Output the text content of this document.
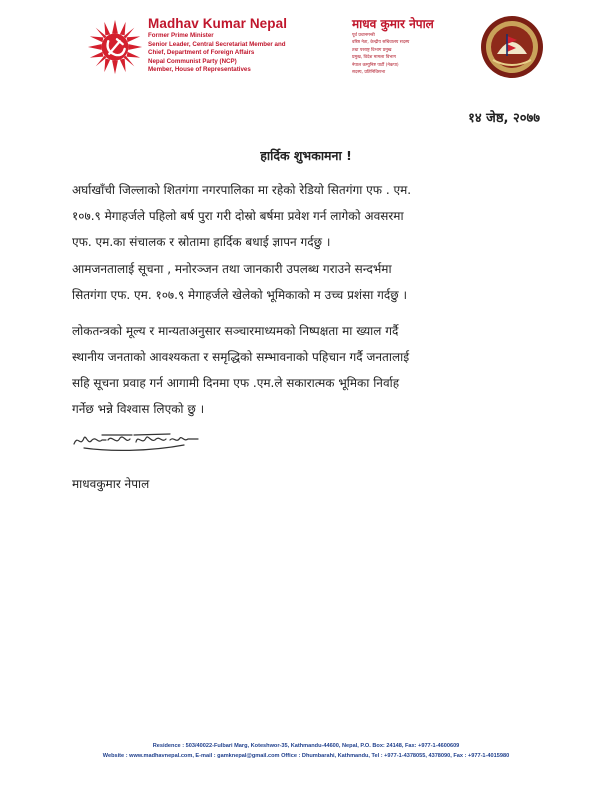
Madhav Kumar Nepal
Former Prime Minister
Senior Leader, Central Secretariat Member and
Chief, Department of Foreign Affairs
Nepal Communist Party (NCP)
Member, House of Representatives
माधव कुमार नेपाल
पूर्व प्रधानमन्त्री
वरिष्ठ नेता, केन्द्रीय सचिवालय सदस्य
तथा परराष्ट्र विभाग प्रमुख
प्रमुख, विदेश मामला विभाग
नेपाल कम्युनिष्ट पार्टी (नेकपा)
सदस्य, प्रतिनिधिसभा
१४ जेष्ठ, २०७७
हार्दिक शुभकामना !

अर्घाखाँची जिल्लाको शितगंगा नगरपालिका मा रहेको रेडियो सितगंगा एफ . एम.

१०७.९ मेगाहर्जले पहिलो बर्ष पुरा गरी दोस्रो बर्षमा प्रवेश गर्न लागेको अवसरमा

एफ. एम.का संचालक र स्रोतामा हार्दिक बधाई ज्ञापन गर्दछु ।

आमजनतालाई सूचना , मनोरञ्जन तथा जानकारी उपलब्ध गराउने सन्दर्भमा

सितगंगा एफ. एम. १०७.९ मेगाहर्जले खेलेको भूमिकाको म उच्च प्रशंसा गर्दछु ।

लोकतन्त्रको मूल्य र मान्यताअनुसार सञ्चारमाध्यमको निष्पक्षता मा ख्याल गर्दै

स्थानीय जनताको आवश्यकता र समृद्धिको सम्भावनाको पहिचान गर्दै जनतालाई

सहि सूचना प्रवाह गर्न आगामी दिनमा एफ .एम.ले सकारात्मक भूमिका निर्वाह

गर्नेछ भन्ने विश्वास लिएको छु ।

माधवकुमार नेपाल
Residence : 503/40022-Fulbari Marg, Koteshwor-35, Kathmandu-44600, Nepal, P.O. Box: 24148, Fax: +977-1-4600609
Website : www.madhavnepal.com, E-mail : gamknepal@gmail.com Office : Dhumbarahi, Kathmandu, Tel : +977-1-4378055, 4378090, Fax : +977-1-4015980
